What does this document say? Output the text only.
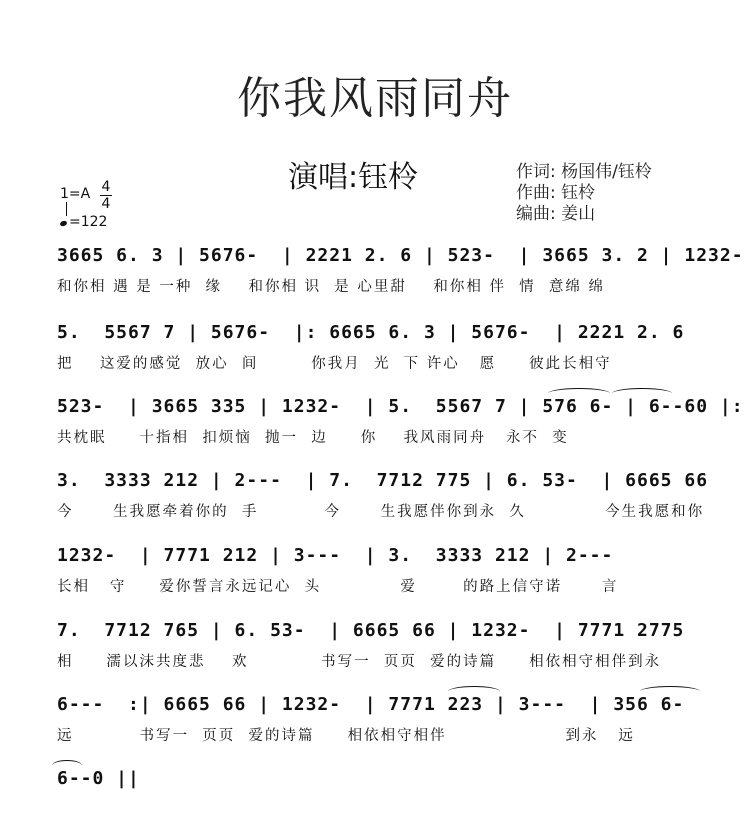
你我风雨同舟
演唱:钰柃	作词: 杨国伟/钰柃
作曲: 钰柃
编曲: 姜山
1=A 4
4
=122
3665 6. 3 | 5676-  | 2221 2. 6 | 523-  | 3665 3. 2 | 1232-
和你相 遇 是 一种  缘    和你相 识  是 心里甜    和你相 伴  情  意绵 绵
5.  5567 7 | 5676-  |: 6665 6. 3 | 5676-  | 2221 2. 6
把    这爱的感觉  放心  间        你我月  光  下 许心   愿     彼此长相守
523-  | 3665 335 | 1232-  | 5.  5567 7 | 576 6- | 6--60 |:
共枕眠     十指相  扣烦恼  抛一  边     你    我风雨同舟   永不  变
3.  3333 212 | 2---  | 7.  7712 775 | 6. 53-  | 6665 66
今      生我愿牵着你的  手          今      生我愿伴你到永  久            今生我愿和你
1232-  | 7771 212 | 3---  | 3.  3333 212 | 2---
长相   守     爱你誓言永远记心  头            爱       的路上信守诺      言
7.  7712 765 | 6. 53-  | 6665 66 | 1232-  | 7771 2775
相     濡以沫共度悲    欢           书写一  页页  爱的诗篇     相依相守相伴到永
6---  :| 6665 66 | 1232-  | 7771 223 | 3---  | 356 6-
远          书写一  页页  爱的诗篇     相依相守相伴                  到永   远
6--0 ||
